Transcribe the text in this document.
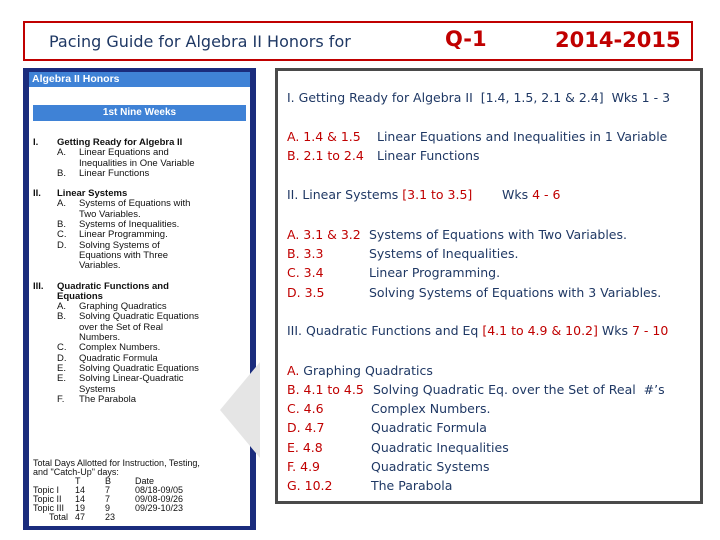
Pacing Guide for Algebra II Honors for	Q-1	2014-2015
Algebra II Honors
1st Nine Weeks
I.	Getting Ready for Algebra II
A.	Linear Equations and
Inequalities in One Variable
B.	Linear Functions
II.	Linear Systems
A.	Systems of Equations with
Two Variables.
B.	Systems of Inequalities.
C.	Linear Programming.
D.	Solving Systems of
Equations with Three
Variables.
III.	Quadratic Functions and
Equations
A.	Graphing Quadratics
B.	Solving Quadratic Equations
over the Set of Real
Numbers.
C.	Complex Numbers.
D.	Quadratic Formula
E.	Solving Quadratic Equations
E.	Solving Linear-Quadratic
Systems
F.	The Parabola
Total Days Allotted for Instruction, Testing,
and "Catch-Up" days:
	T	B	Date
Topic I	14	7	08/18-09/05
Topic II	14	7	09/08-09/26
Topic III	19	9	09/29-10/23
Total	47	23	
I. Getting Ready for Algebra II [1.4, 1.5, 2.1 & 2.4] Wks 1 - 3
A. 1.4 & 1.5 Linear Equations and Inequalities in 1 Variable
B. 2.1 to 2.4 Linear Functions
II. Linear Systems [3.1 to 3.5] Wks 4 - 6
A. 3.1 & 3.2 Systems of Equations with Two Variables.
B. 3.3	Systems of Inequalities.
C. 3.4	Linear Programming.
D. 3.5	Solving Systems of Equations with 3 Variables.
III. Quadratic Functions and Eq [4.1 to 4.9 & 10.2] Wks 7 - 10
A. Graphing Quadratics
B. 4.1 to 4.5 Solving Quadratic Eq. over the Set of Real  #’s
C. 4.6	Complex Numbers.
D. 4.7	Quadratic Formula
E. 4.8	Quadratic Inequalities
F. 4.9	Quadratic Systems
G. 10.2	The Parabola
